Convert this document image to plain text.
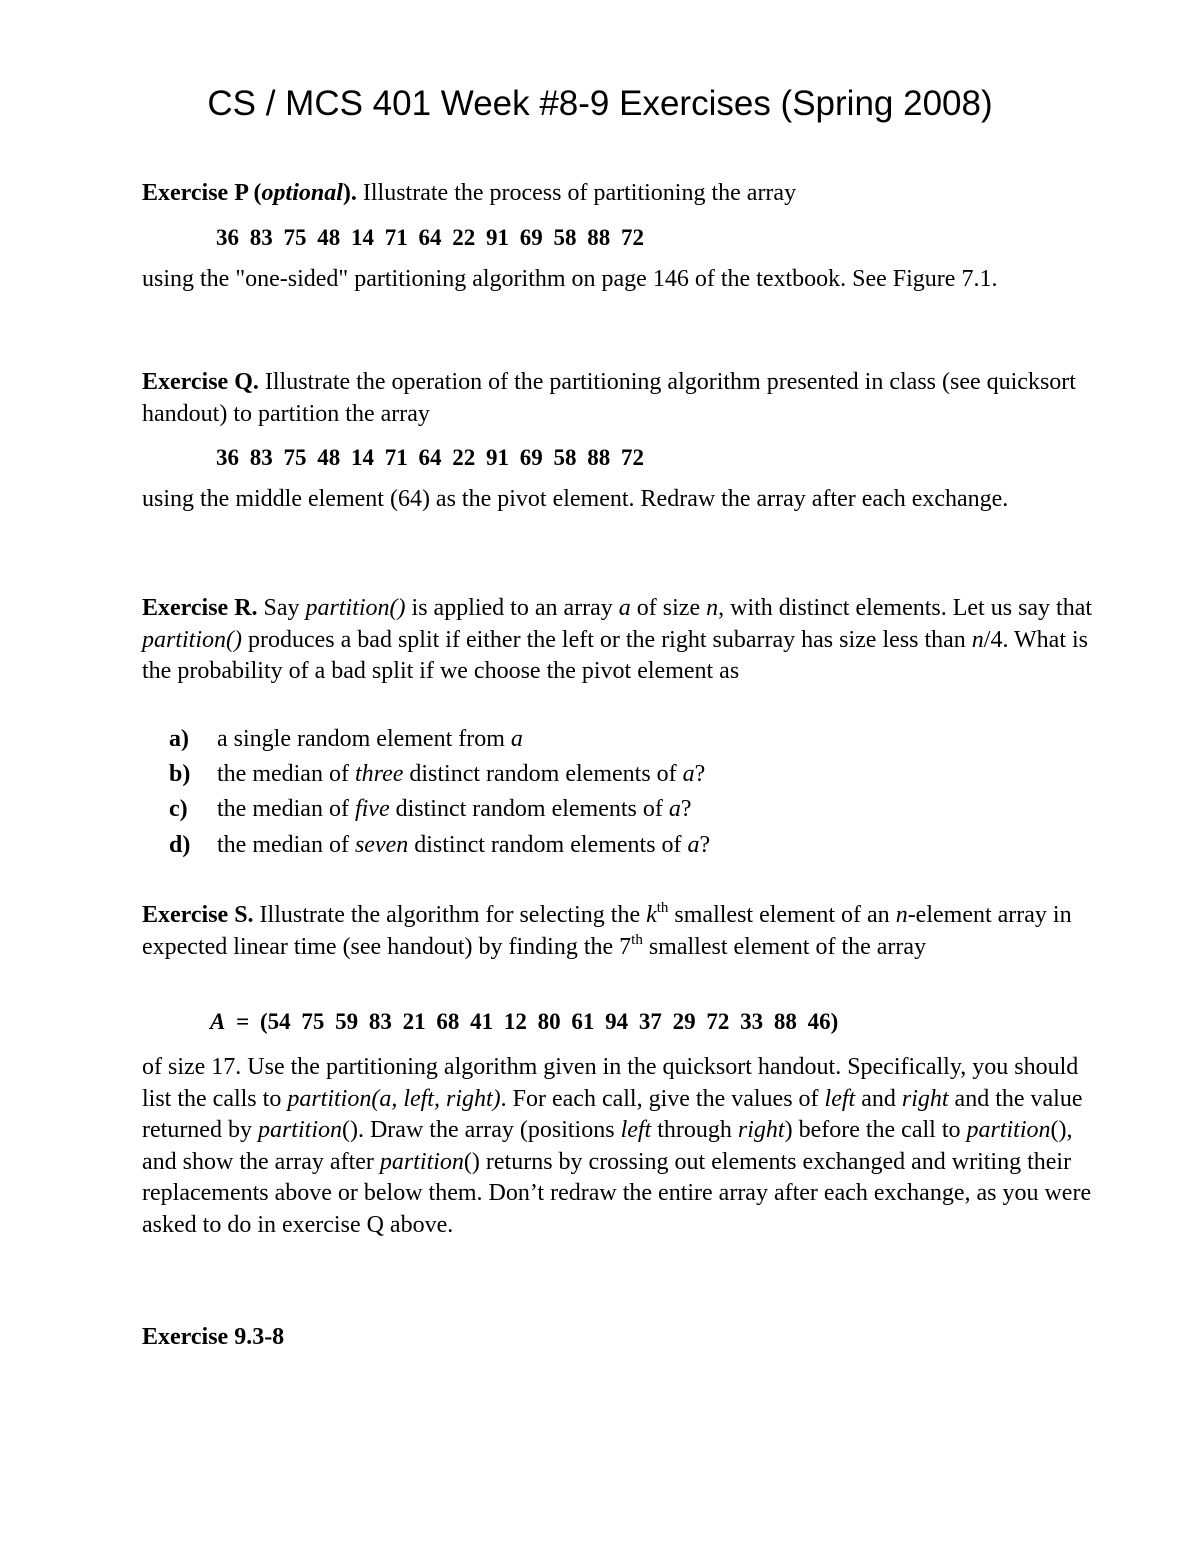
CS / MCS 401 Week #8-9 Exercises (Spring 2008)
Exercise P (optional). Illustrate the process of partitioning the array
36 83 75 48 14 71 64 22 91 69 58 88 72
using the "one-sided" partitioning algorithm on page 146 of the textbook. See Figure 7.1.
Exercise Q. Illustrate the operation of the partitioning algorithm presented in class (see quicksort handout) to partition the array
36 83 75 48 14 71 64 22 91 69 58 88 72
using the middle element (64) as the pivot element. Redraw the array after each exchange.
Exercise R. Say partition() is applied to an array a of size n, with distinct elements. Let us say that partition() produces a bad split if either the left or the right subarray has size less than n/4. What is the probability of a bad split if we choose the pivot element as
a) a single random element from a
b) the median of three distinct random elements of a?
c) the median of five distinct random elements of a?
d) the median of seven distinct random elements of a?
Exercise S. Illustrate the algorithm for selecting the $k^{th}$ smallest element of an n-element array in expected linear time (see handout) by finding the 7th smallest element of the array
A = (54 75 59 83 21 68 41 12 80 61 94 37 29 72 33 88 46)
of size 17. Use the partitioning algorithm given in the quicksort handout. Specifically, you should list the calls to partition(a, left, right). For each call, give the values of left and right and the value returned by partition(). Draw the array (positions left through right) before the call to partition(), and show the array after partition() returns by crossing out elements exchanged and writing their replacements above or below them. Don’t redraw the entire array after each exchange, as you were asked to do in exercise Q above.
Exercise 9.3-8
